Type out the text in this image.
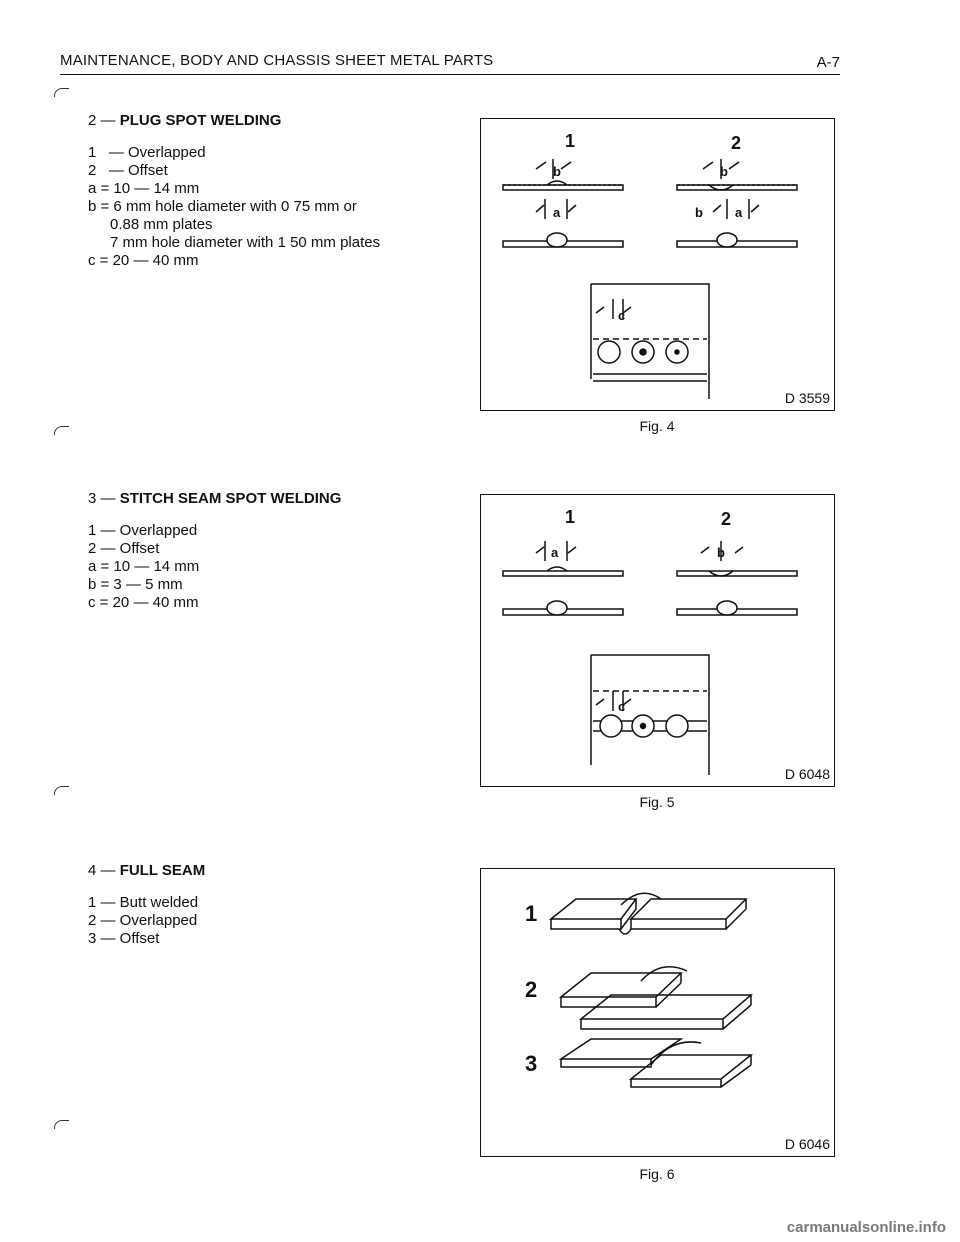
MAINTENANCE, BODY AND CHASSIS SHEET METAL PARTS	A-7
2 — PLUG SPOT WELDING
1   — Overlapped
2   — Offset
a = 10 — 14 mm
b = 6 mm hole diameter with 0 75 mm or
0.88 mm plates
7 mm hole diameter with 1 50 mm plates
c = 20 — 40 mm
3 — STITCH SEAM SPOT WELDING
1 — Overlapped
2 — Offset
a = 10 — 14 mm
b = 3 — 5 mm
c = 20 — 40 mm
4 — FULL SEAM
1 — Butt welded
2 — Overlapped
3 — Offset
1	2
b
a
b
b a
c
D 3559
Fig. 4
1	2
a	b
c
D 6048
Fig. 5
1
2
3
D 6046
Fig. 6
carmanualsonline.info
